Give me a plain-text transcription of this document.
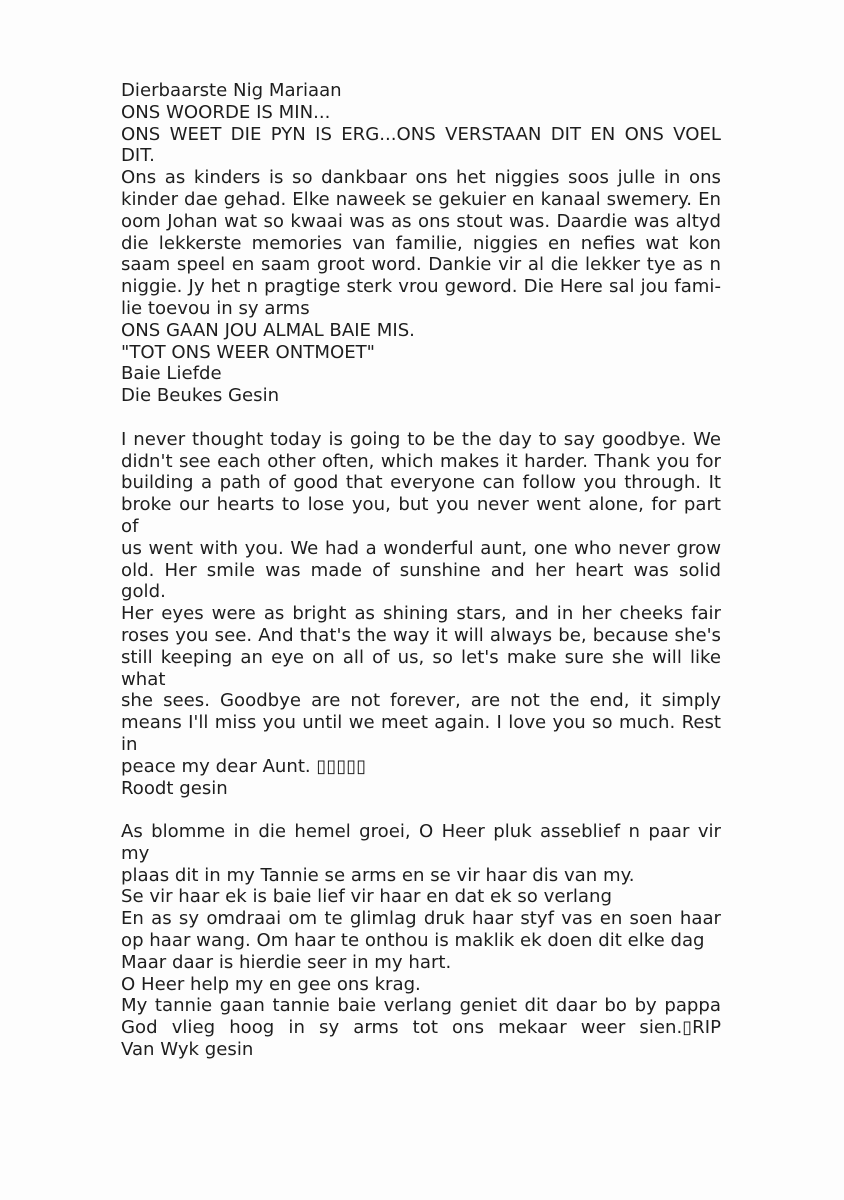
Dierbaarste Nig Mariaan
ONS WOORDE IS MIN...
ONS WEET DIE PYN IS ERG...ONS VERSTAAN DIT EN ONS VOEL
DIT.
Ons as kinders is so dankbaar ons het niggies soos julle in ons
kinder dae gehad. Elke naweek se gekuier en kanaal swemery. En
oom Johan wat so kwaai was as ons stout was. Daardie was altyd
die lekkerste memories van familie, niggies en nefies wat kon
saam speel en saam groot word. Dankie vir al die lekker tye as n
niggie. Jy het n pragtige sterk vrou geword. Die Here sal jou fami-
lie toevou in sy arms
ONS GAAN JOU ALMAL BAIE MIS.
"TOT ONS WEER ONTMOET"
Baie Liefde
Die Beukes Gesin
I never thought today is going to be the day to say goodbye. We
didn't see each other often, which makes it harder. Thank you for
building a path of good that everyone can follow you through. It
broke our hearts to lose you, but you never went alone, for part of
us went with you. We had a wonderful aunt, one who never grow
old. Her smile was made of sunshine and her heart was solid gold.
Her eyes were as bright as shining stars, and in her cheeks fair
roses you see. And that's the way it will always be, because she's
still keeping an eye on all of us, so let's make sure she will like what
she sees. Goodbye are not forever, are not the end, it simply
means I'll miss you until we meet again. I love you so much. Rest in
peace my dear Aunt. ▯▯▯▯▯
Roodt gesin
As blomme in die hemel groei, O Heer pluk asseblief n paar vir my
plaas dit in my Tannie se arms en se vir haar dis van my.
Se vir haar ek is baie lief vir haar en dat ek so verlang
En as sy omdraai om te glimlag druk haar styf vas en soen haar
op haar wang. Om haar te onthou is maklik ek doen dit elke dag
Maar daar is hierdie seer in my hart.
O Heer help my en gee ons krag.
My tannie gaan tannie baie verlang geniet dit daar bo by pappa
God vlieg hoog in sy arms tot ons mekaar weer sien.▯RIP
Van Wyk gesin
